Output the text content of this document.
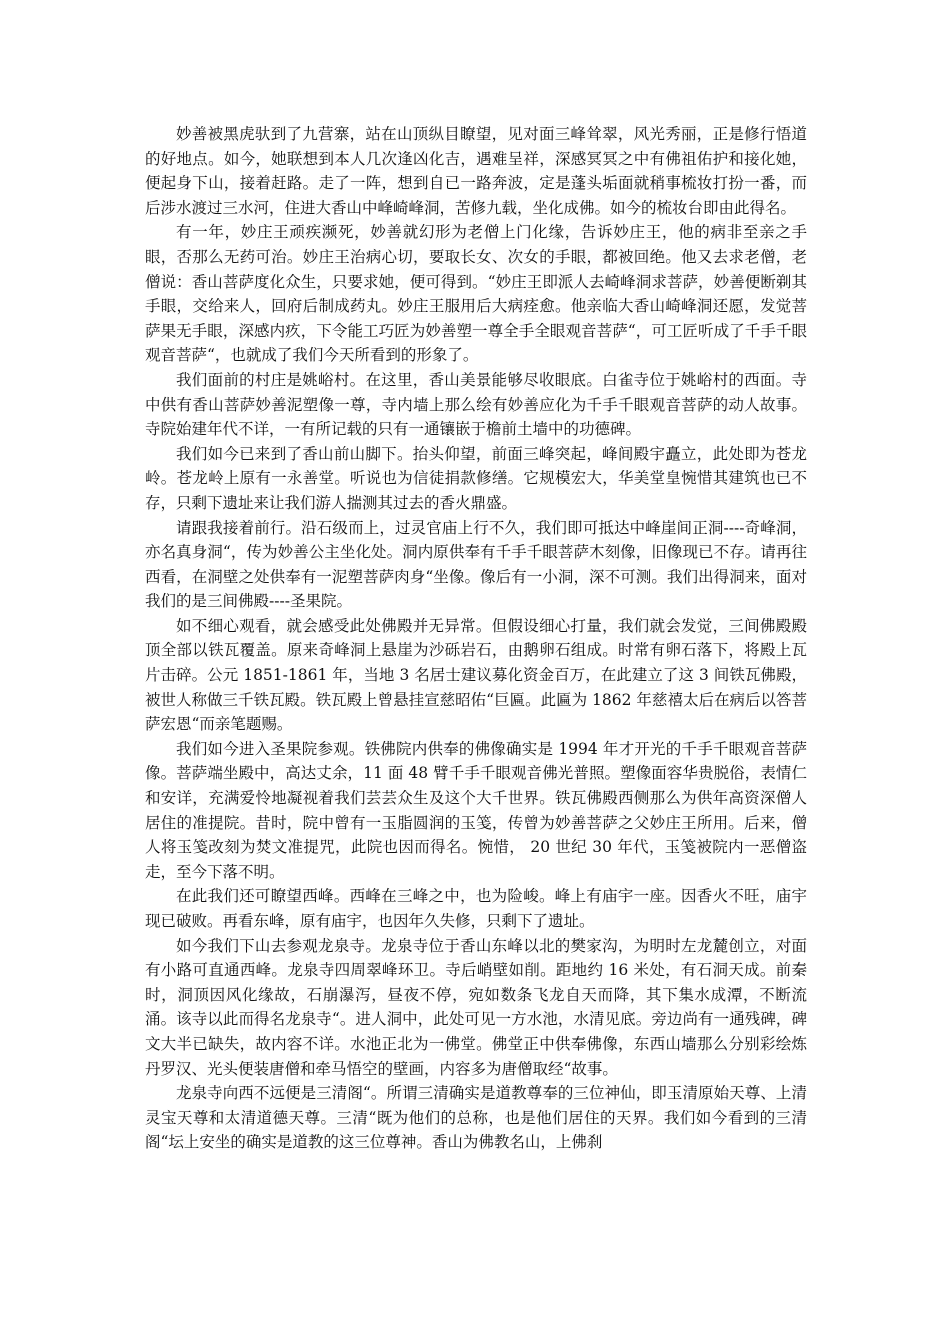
妙善被黑虎驮到了九营寨，站在山顶纵目瞭望，见对面三峰耸翠，风光秀丽，正是修行悟道的好地点。如今，她联想到本人几次逢凶化吉，遇难呈祥，深感冥冥之中有佛祖佑护和接化她，便起身下山，接着赶路。走了一阵，想到自已一路奔波，定是蓬头垢面就稍事梳妆打扮一番，而后涉水渡过三水河，住进大香山中峰崎峰洞，苦修九载，坐化成佛。如今的梳妆台即由此得名。

有一年，妙庄王顽疾濒死，妙善就幻形为老僧上门化缘，告诉妙庄王，他的病非至亲之手眼，否那么无药可治。妙庄王治病心切，要取长女、次女的手眼，都被回绝。他又去求老僧，老僧说：香山菩萨度化众生，只要求她，便可得到。“妙庄王即派人去崎峰洞求菩萨，妙善便断剃其手眼，交给来人，回府后制成药丸。妙庄王服用后大病痊愈。他亲临大香山崎峰洞还愿，发觉菩萨果无手眼，深感内疚，下令能工巧匠为妙善塑一尊全手全眼观音菩萨“，可工匠听成了千手千眼观音菩萨“，也就成了我们今天所看到的形象了。

我们面前的村庄是姚峪村。在这里，香山美景能够尽收眼底。白雀寺位于姚峪村的西面。寺中供有香山菩萨妙善泥塑像一尊，寺内墙上那么绘有妙善应化为千手千眼观音菩萨的动人故事。寺院始建年代不详，一有所记载的只有一通镶嵌于檐前土墙中的功德碑。

我们如今已来到了香山前山脚下。抬头仰望，前面三峰突起，峰间殿宇矗立，此处即为苍龙岭。苍龙岭上原有一永善堂。听说也为信徒捐款修缮。它规模宏大，华美堂皇惋惜其建筑也已不存，只剩下遗址来让我们游人揣测其过去的香火鼎盛。

请跟我接着前行。沿石级而上，过灵官庙上行不久，我们即可抵达中峰崖间正洞----奇峰洞，亦名真身洞“，传为妙善公主坐化处。洞内原供奉有千手千眼菩萨木刻像，旧像现已不存。请再往西看，在洞壁之处供奉有一泥塑菩萨肉身“坐像。像后有一小洞，深不可测。我们出得洞来，面对我们的是三间佛殿----圣果院。

如不细心观看，就会感受此处佛殿并无异常。但假设细心打量，我们就会发觉，三间佛殿殿顶全部以铁瓦覆盖。原来奇峰洞上悬崖为沙砾岩石，由鹅卵石组成。时常有卵石落下，将殿上瓦片击碎。公元 1851-1861 年，当地 3 名居士建议募化资金百万，在此建立了这 3 间铁瓦佛殿，被世人称做三千铁瓦殿。铁瓦殿上曾悬挂宣慈昭佑“巨匾。此匾为 1862 年慈禧太后在病后以答菩萨宏恩“而亲笔题赐。

我们如今进入圣果院参观。铁佛院内供奉的佛像确实是 1994 年才开光的千手千眼观音菩萨像。菩萨端坐殿中，高达丈余，11 面 48 臂千手千眼观音佛光普照。塑像面容华贵脱俗，表情仁和安详，充满爱怜地凝视着我们芸芸众生及这个大千世界。铁瓦佛殿西侧那么为供年高资深僧人居住的准提院。昔时，院中曾有一玉脂圆润的玉笺，传曾为妙善菩萨之父妙庄王所用。后来，僧人将玉笺改刻为焚文准提咒，此院也因而得名。惋惜， 20 世纪 30 年代，玉笺被院内一恶僧盗走，至今下落不明。

在此我们还可瞭望西峰。西峰在三峰之中，也为险峻。峰上有庙宇一座。因香火不旺，庙宇现已破败。再看东峰，原有庙宇，也因年久失修，只剩下了遗址。

如今我们下山去参观龙泉寺。龙泉寺位于香山东峰以北的樊家沟，为明时左龙麓创立，对面有小路可直通西峰。龙泉寺四周翠峰环卫。寺后峭壁如削。距地约 16 米处，有石洞天成。前秦时，洞顶因风化缘故，石崩瀑泻，昼夜不停，宛如数条飞龙自天而降，其下集水成潭，不断流涌。该寺以此而得名龙泉寺“。进人洞中，此处可见一方水池，水清见底。旁边尚有一通残碑，碑文大半已缺失，故内容不详。水池正北为一佛堂。佛堂正中供奉佛像，东西山墙那么分别彩绘炼丹罗汉、光头便装唐僧和牵马悟空的壁画，内容多为唐僧取经“故事。

龙泉寺向西不远便是三清阁“。所谓三清确实是道教尊奉的三位神仙，即玉清原始天尊、上清灵宝天尊和太清道德天尊。三清“既为他们的总称，也是他们居住的天界。我们如今看到的三清阁“坛上安坐的确实是道教的这三位尊神。香山为佛教名山，上佛刹
